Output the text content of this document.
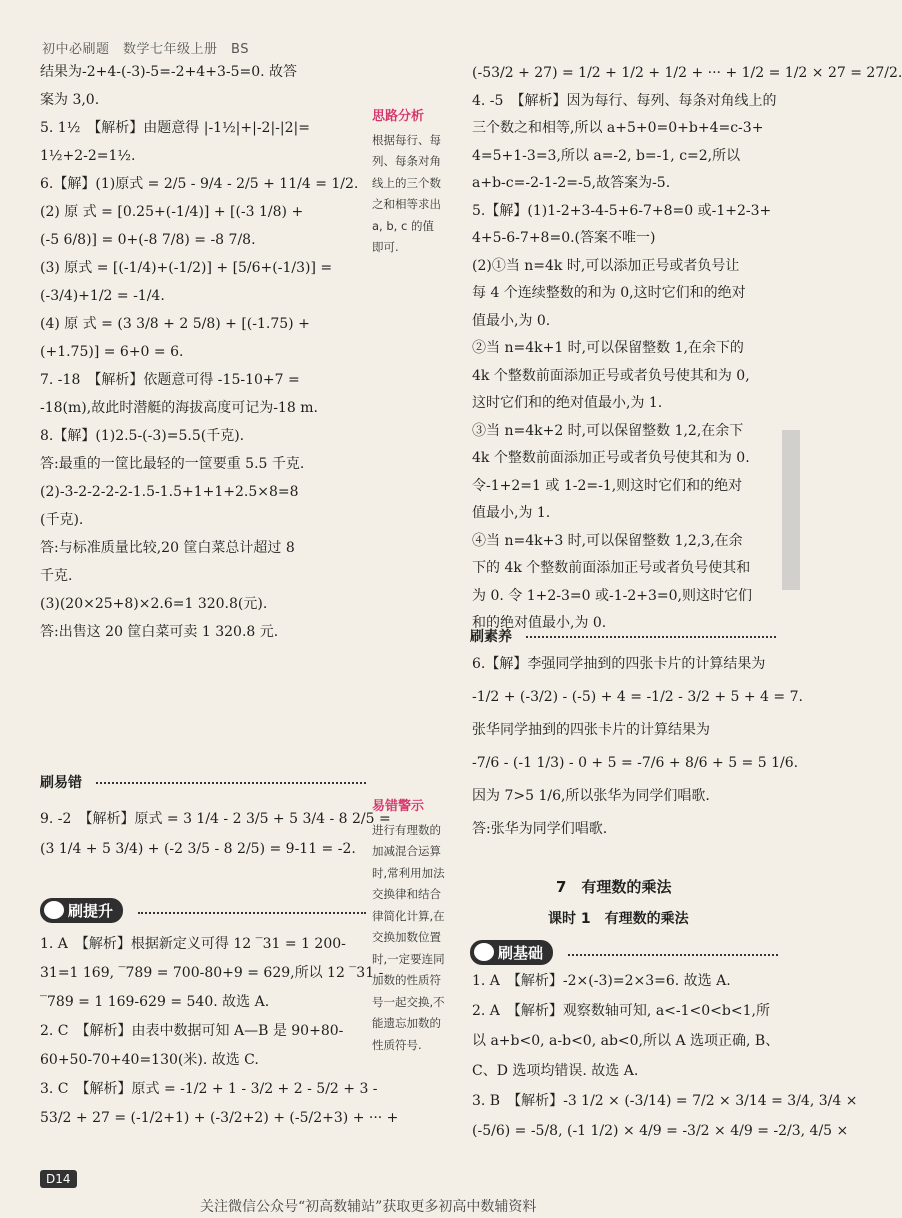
初中必刷题　数学七年级上册　BS

结果为-2+4-(-3)-5=-2+4+3-5=0. 故答

案为 3,0.

5. 1½　【解析】由题意得 |-1½|+|-2|-|2|=

1½+2-2=1½.

6.【解】(1)原式 = 2/5 - 9/4 - 2/5 + 11/4 = 1/2.

(2) 原 式 = [0.25+(-1/4)] + [(-3 1/8) +

(-5 6/8)] = 0+(-8 7/8) = -8 7/8.

(3) 原式 = [(-1/4)+(-1/2)] + [5/6+(-1/3)] =

(-3/4)+1/2 = -1/4.

(4) 原 式 = (3 3/8 + 2 5/8) + [(-1.75) +

(+1.75)] = 6+0 = 6.

7. -18　【解析】依题意可得 -15-10+7 =

-18(m),故此时潜艇的海拔高度可记为-18 m.

8.【解】(1)2.5-(-3)=5.5(千克).

答:最重的一筐比最轻的一筐要重 5.5 千克.

(2)-3-2-2-2-2-1.5-1.5+1+1+2.5×8=8

(千克).

答:与标准质量比较,20 筐白菜总计超过 8

千克.

(3)(20×25+8)×2.6=1 320.8(元).

答:出售这 20 筐白菜可卖 1 320.8 元.

刷易错

9. -2　【解析】原式 = 3 1/4 - 2 3/5 + 5 3/4 - 8 2/5 =

(3 1/4 + 5 3/4) + (-2 3/5 - 8 2/5) = 9-11 = -2.

刷提升

1. A　【解析】根据新定义可得 12 ‾31 = 1 200-

31=1 169, ‾789 = 700-80+9 = 629,所以 12 ‾31 -

‾789 = 1 169-629 = 540. 故选 A.

2. C　【解析】由表中数据可知 A—B 是 90+80-

60+50-70+40=130(米). 故选 C.

3. C　【解析】原式 = -1/2 + 1 - 3/2 + 2 - 5/2 + 3 -

53/2 + 27 = (-1/2+1) + (-3/2+2) + (-5/2+3) + ··· +

思路分析
根据每行、每
列、每条对角
线上的三个数
之和相等求出
a, b, c 的值
即可.
易错警示
进行有理数的
加减混合运算
时,常利用加法
交换律和结合
律简化计算,在
交换加数位置
时,一定要连同
加数的性质符
号一起交换,不
能遗忘加数的
性质符号.

(-53/2 + 27) = 1/2 + 1/2 + 1/2 + ··· + 1/2 = 1/2 × 27 = 27/2.

4. -5　【解析】因为每行、每列、每条对角线上的

三个数之和相等,所以 a+5+0=0+b+4=c-3+

4=5+1-3=3,所以 a=-2, b=-1, c=2,所以

a+b-c=-2-1-2=-5,故答案为-5.

5.【解】(1)1-2+3-4-5+6-7+8=0 或-1+2-3+

4+5-6-7+8=0.(答案不唯一)

(2)①当 n=4k 时,可以添加正号或者负号让

每 4 个连续整数的和为 0,这时它们和的绝对

值最小,为 0.

②当 n=4k+1 时,可以保留整数 1,在余下的

4k 个整数前面添加正号或者负号使其和为 0,

这时它们和的绝对值最小,为 1.

③当 n=4k+2 时,可以保留整数 1,2,在余下

4k 个整数前面添加正号或者负号使其和为 0.

令-1+2=1 或 1-2=-1,则这时它们和的绝对

值最小,为 1.

④当 n=4k+3 时,可以保留整数 1,2,3,在余

下的 4k 个整数前面添加正号或者负号使其和

为 0. 令 1+2-3=0 或-1-2+3=0,则这时它们

和的绝对值最小,为 0.

刷素养

6.【解】李强同学抽到的四张卡片的计算结果为

-1/2 + (-3/2) - (-5) + 4 = -1/2 - 3/2 + 5 + 4 = 7.

张华同学抽到的四张卡片的计算结果为

-7/6 - (-1 1/3) - 0 + 5 = -7/6 + 8/6 + 5 = 5 1/6.

因为 7>5 1/6,所以张华为同学们唱歌.

答:张华为同学们唱歌.

7　有理数的乘法
课时 1　有理数的乘法
刷基础

1. A　【解析】-2×(-3)=2×3=6. 故选 A.

2. A　【解析】观察数轴可知, a<-1<0<b<1,所

以 a+b<0, a-b<0, ab<0,所以 A 选项正确, B、

C、D 选项均错误. 故选 A.

3. B　【解析】-3 1/2 × (-3/14) = 7/2 × 3/14 = 3/4, 3/4 ×

(-5/6) = -5/8, (-1 1/2) × 4/9 = -3/2 × 4/9 = -2/3, 4/5 ×

D14
关注微信公众号“初高数辅站”获取更多初高中数辅资料
